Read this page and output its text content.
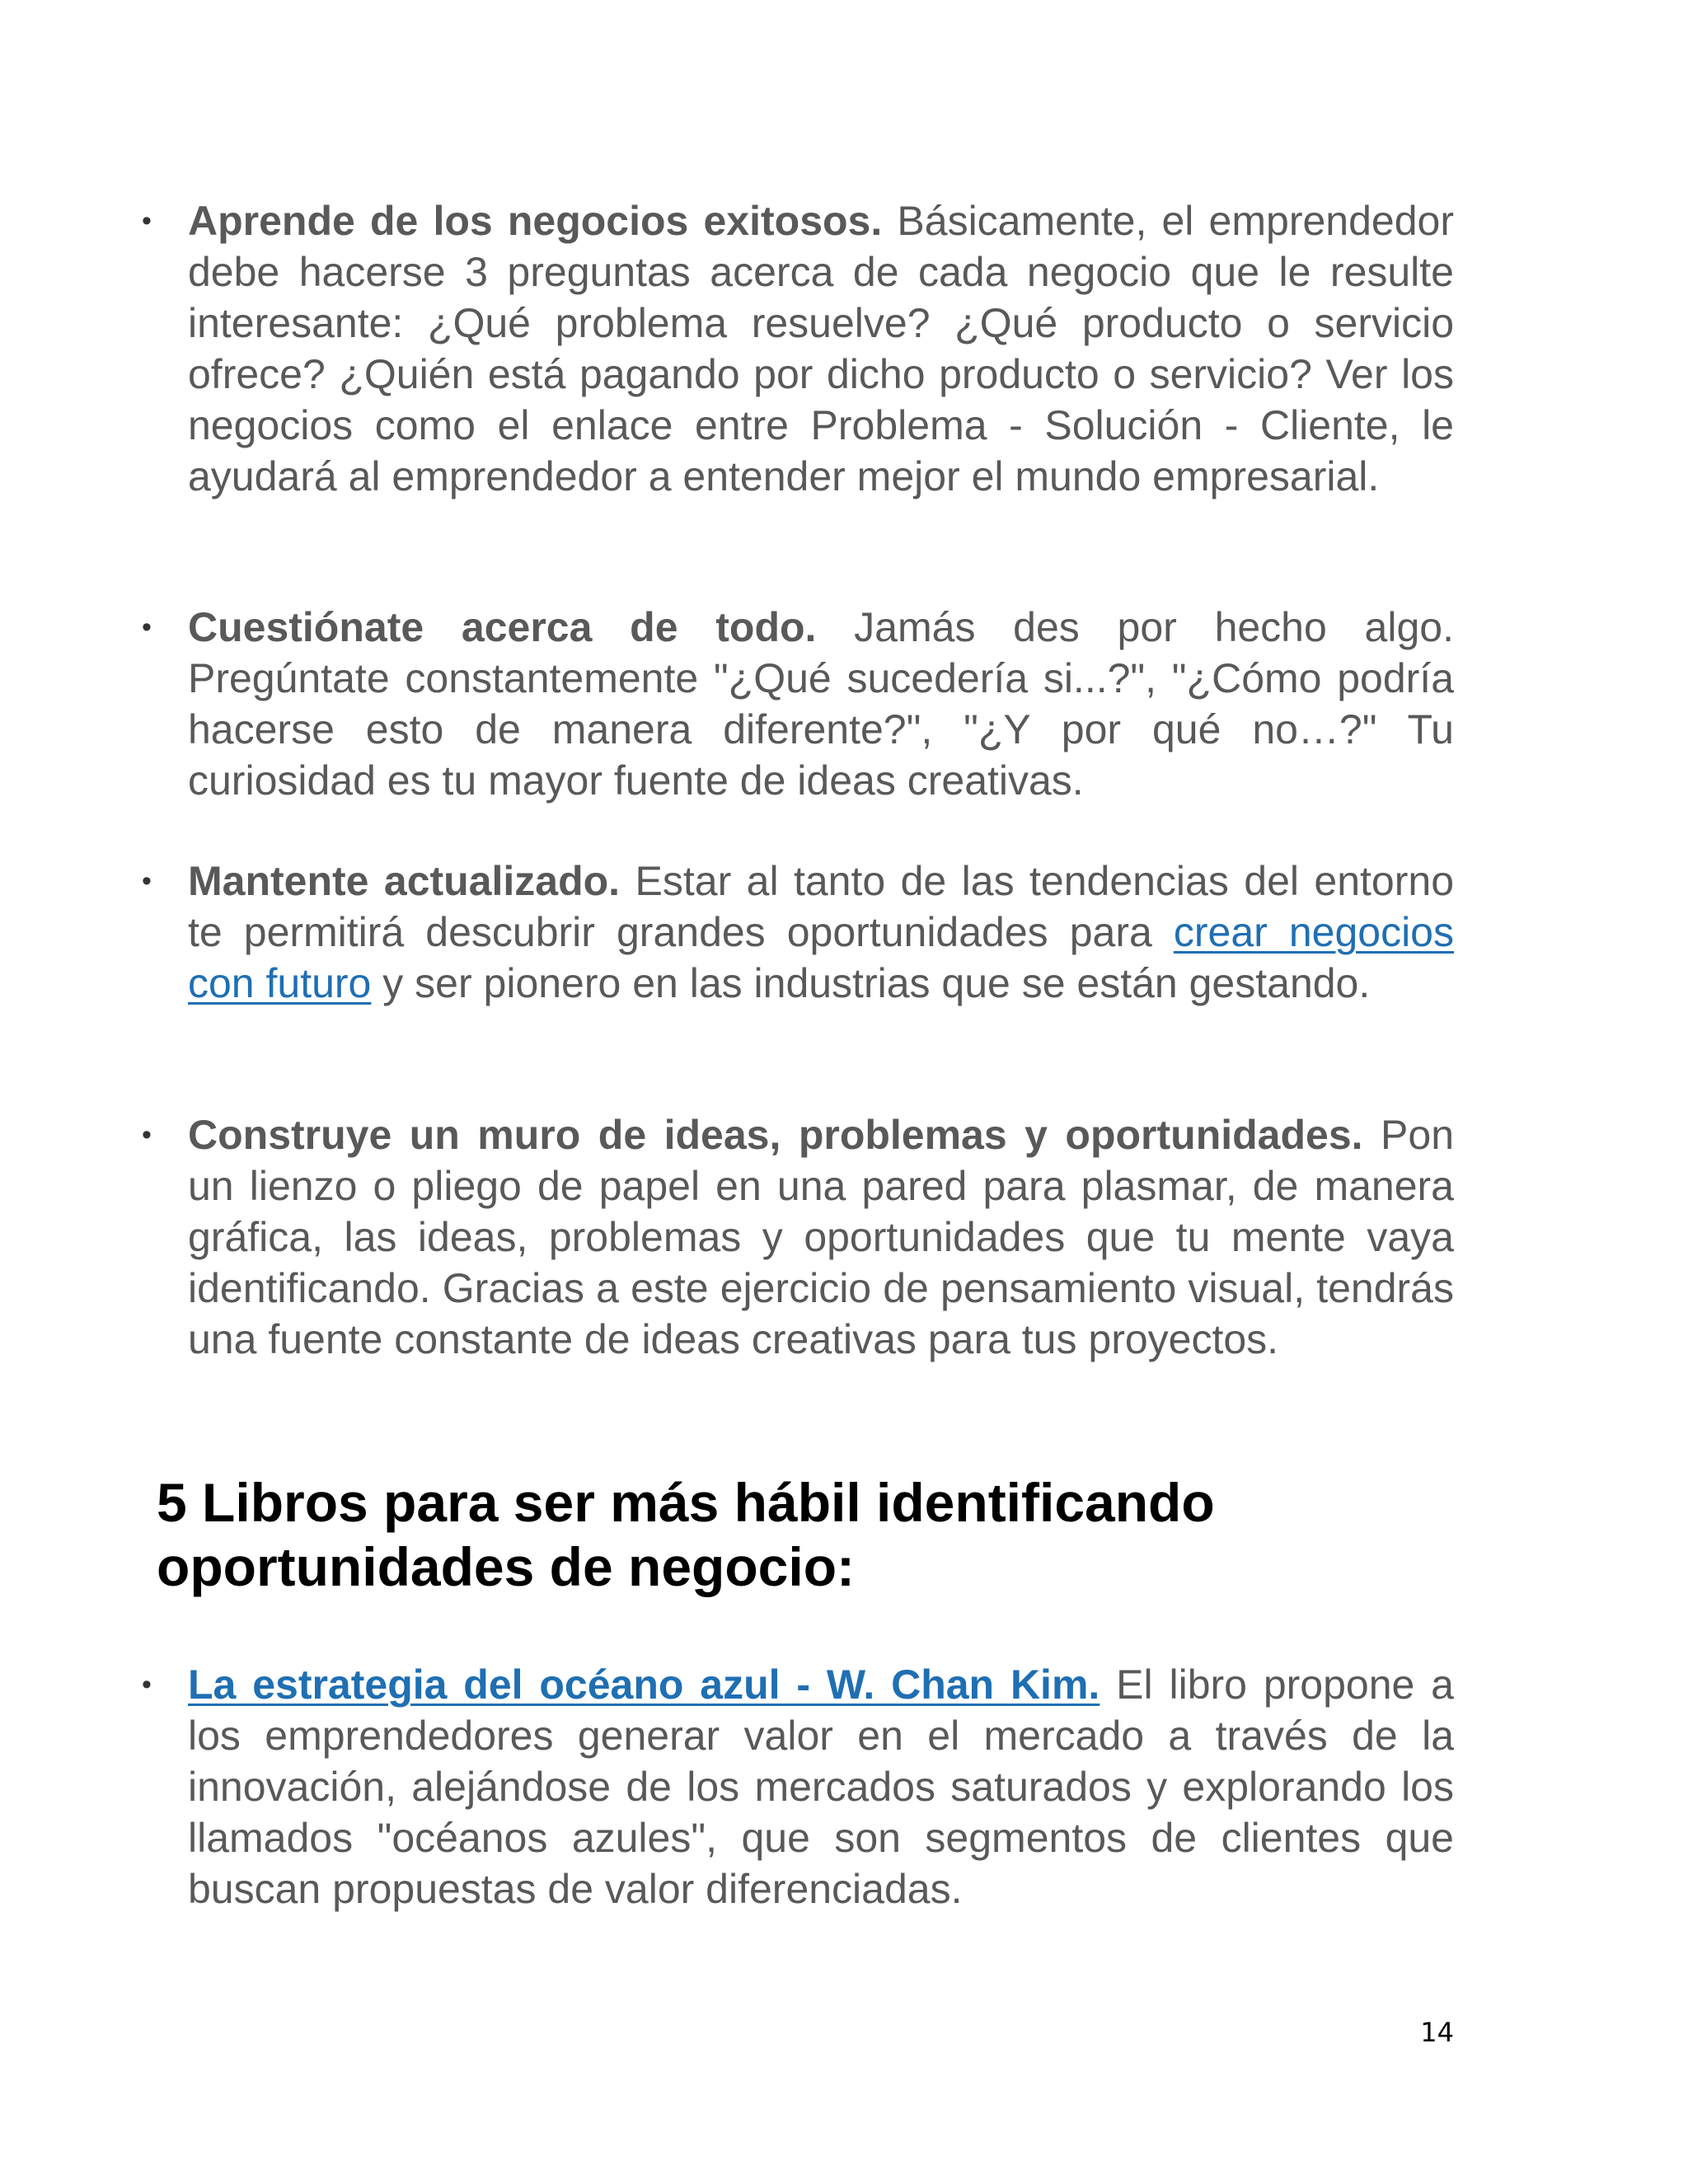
• Aprende de los negocios exitosos. Básicamente, el emprendedor debe hacerse 3 preguntas acerca de cada negocio que le resulte interesante: ¿Qué problema resuelve? ¿Qué producto o servicio ofrece? ¿Quién está pagando por dicho producto o servicio? Ver los negocios como el enlace entre Problema - Solución - Cliente, le ayudará al emprendedor a entender mejor el mundo empresarial.
• Cuestiónate acerca de todo. Jamás des por hecho algo. Pregúntate constantemente "¿Qué sucedería si...?", "¿Cómo podría hacerse esto de manera diferente?", "¿Y por qué no…?" Tu curiosidad es tu mayor fuente de ideas creativas.
• Mantente actualizado. Estar al tanto de las tendencias del entorno te permitirá descubrir grandes oportunidades para crear negocios con futuro y ser pionero en las industrias que se están gestando.
• Construye un muro de ideas, problemas y oportunidades. Pon un lienzo o pliego de papel en una pared para plasmar, de manera gráfica, las ideas, problemas y oportunidades que tu mente vaya identificando. Gracias a este ejercicio de pensamiento visual, tendrás una fuente constante de ideas creativas para tus proyectos.
5 Libros para ser más hábil identificando oportunidades de negocio:
• La estrategia del océano azul - W. Chan Kim. El libro propone a los emprendedores generar valor en el mercado a través de la innovación, alejándose de los mercados saturados y explorando los llamados "océanos azules", que son segmentos de clientes que buscan propuestas de valor diferenciadas.
14
